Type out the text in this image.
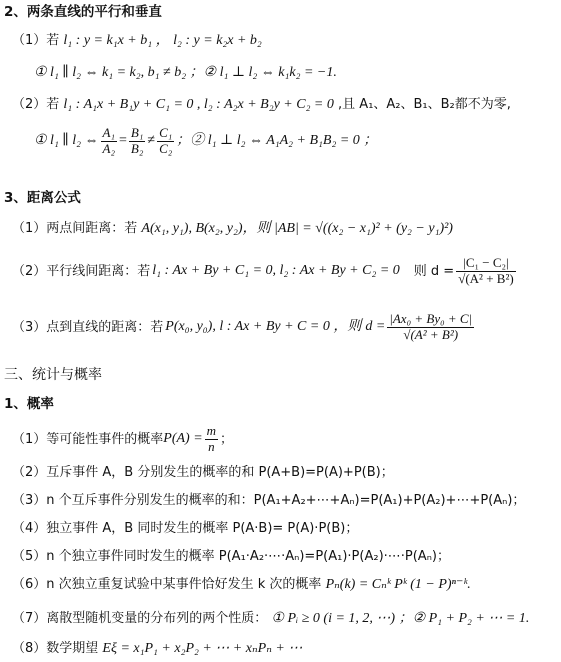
2、两条直线的平行和垂直
（1）若 l₁ : y = k₁x + b₁ ， l₂ : y = k₂x + b₂
① l₁ ∥ l₂ ⇔ k₁ = k₂, b₁ ≠ b₂ ；② l₁ ⊥ l₂ ⇔ k₁k₂ = −1.
（2）若 l₁ : A₁x + B₁y + C₁ = 0 , l₂ : A₂x + B₂y + C₂ = 0 ,且 A₁、A₂、B₁、B₂都不为零,
① l₁ ∥ l₂ ⇔ $\frac{\text{A₁}}{\text{A₂}} = \frac{\text{B₁}}{\text{B₂}} \ne \frac{\text{C₁}}{\text{C₂}}$ ；② l₁ ⊥ l₂ ⇔ A₁A₂ + B₁B₂ = 0 ；
3、距离公式
（1）两点间距离：若 A(x₁, y₁), B(x₂, y₂)，则 |AB| = √((x₂ − x₁)² + (y₂ − y₁)²)
（2）平行线间距离：若 l₁ : Ax + By + C₁ = 0, l₂ : Ax + By + C₂ = 0 则 $d = \frac{\text{|C₁ − C₂|}}{\text{√(A² + B²)}}$
（3）点到直线的距离：若 P(x₀, y₀), l : Ax + By + C = 0 ，则 $d = \frac{\text{|Ax₀ + By₀ + C|}}{\text{√(A² + B²)}}$
三、统计与概率
1、概率
（1）等可能性事件的概率 $P(A) = \frac{m}{n}$ ；
（2）互斥事件 A，B 分别发生的概率的和 P(A+B)=P(A)+P(B)；
（3）n 个互斥事件分别发生的概率的和：P(A₁+A₂+⋯+Aₙ)=P(A₁)+P(A₂)+⋯+P(Aₙ)；
（4）独立事件 A，B 同时发生的概率 P(A·B)= P(A)·P(B)；
（5）n 个独立事件同时发生的概率 P(A₁·A₂·⋯·Aₙ)=P(A₁)·P(A₂)·⋯·P(Aₙ)；
（6）n 次独立重复试验中某事件恰好发生 k 次的概率 Pₙ(k) = Cₙᵏ Pᵏ (1 − P)ⁿ⁻ᵏ.
（7）离散型随机变量的分布列的两个性质： ① Pᵢ ≥ 0 (i = 1, 2, ⋯) ；② P₁ + P₂ + ⋯ = 1.
（8）数学期望 Eξ = x₁P₁ + x₂P₂ + ⋯ + xₙPₙ + ⋯
